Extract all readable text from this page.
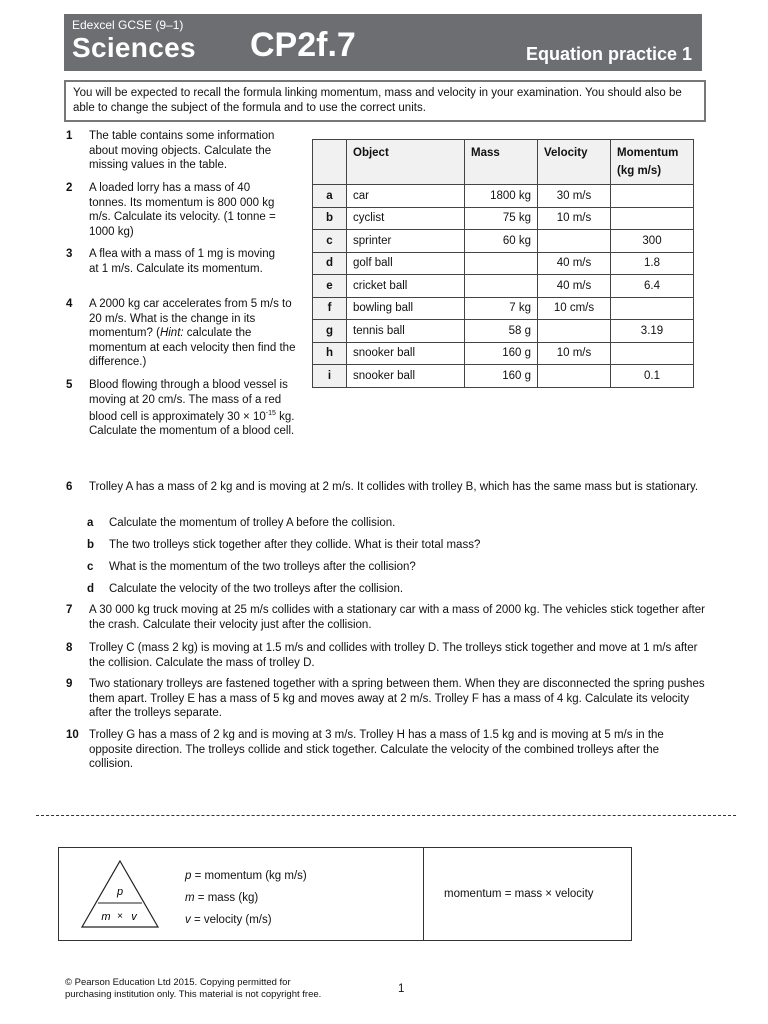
Edexcel GCSE (9–1)
Sciences CP2f.7	Equation practice 1
You will be expected to recall the formula linking momentum, mass and velocity in your examination. You should also be able to change the subject of the formula and to use the correct units.
1 The table contains some information about moving objects. Calculate the missing values in the table.
2 A loaded lorry has a mass of 40 tonnes. Its momentum is 800 000 kg m/s. Calculate its velocity. (1 tonne = 1000 kg)
3 A flea with a mass of 1 mg is moving at 1 m/s. Calculate its momentum.
4 A 2000 kg car accelerates from 5 m/s to 20 m/s. What is the change in its momentum? (Hint: calculate the momentum at each velocity then find the difference.)
5 Blood flowing through a blood vessel is moving at 20 cm/s. The mass of a red blood cell is approximately $30 \times 10^{-15}$ kg. Calculate the momentum of a blood cell.
	Object	Mass	Velocity	Momentum
(kg m/s)
a	car	1800 kg	30 m/s	
b	cyclist	75 kg	10 m/s	
c	sprinter	60 kg		300
d	golf ball		40 m/s	1.8
e	cricket ball		40 m/s	6.4
f	bowling ball	7 kg	10 cm/s	
g	tennis ball	58 g		3.19
h	snooker ball	160 g	10 m/s	
i	snooker ball	160 g		0.1
6 Trolley A has a mass of 2 kg and is moving at 2 m/s. It collides with trolley B, which has the same mass but is stationary.
a Calculate the momentum of trolley A before the collision.
b The two trolleys stick together after they collide. What is their total mass?
c What is the momentum of the two trolleys after the collision?
d Calculate the velocity of the two trolleys after the collision.
7 A 30 000 kg truck moving at 25 m/s collides with a stationary car with a mass of 2000 kg. The vehicles stick together after the crash. Calculate their velocity just after the collision.
8 Trolley C (mass 2 kg) is moving at 1.5 m/s and collides with trolley D. The trolleys stick together and move at 1 m/s after the collision. Calculate the mass of trolley D.
9 Two stationary trolleys are fastened together with a spring between them. When they are disconnected the spring pushes them apart. Trolley E has a mass of 5 kg and moves away at 2 m/s. Trolley F has a mass of 4 kg. Calculate its velocity after the trolleys separate.
10 Trolley G has a mass of 2 kg and is moving at 3 m/s. Trolley H has a mass of 1.5 kg and is moving at 5 m/s in the opposite direction. The trolleys collide and stick together. Calculate the velocity of the combined trolleys after the collision.
p
m × v
p = momentum (kg m/s)
m = mass (kg)
v = velocity (m/s)
momentum = mass × velocity
© Pearson Education Ltd 2015. Copying permitted for
purchasing institution only. This material is not copyright free.	1
